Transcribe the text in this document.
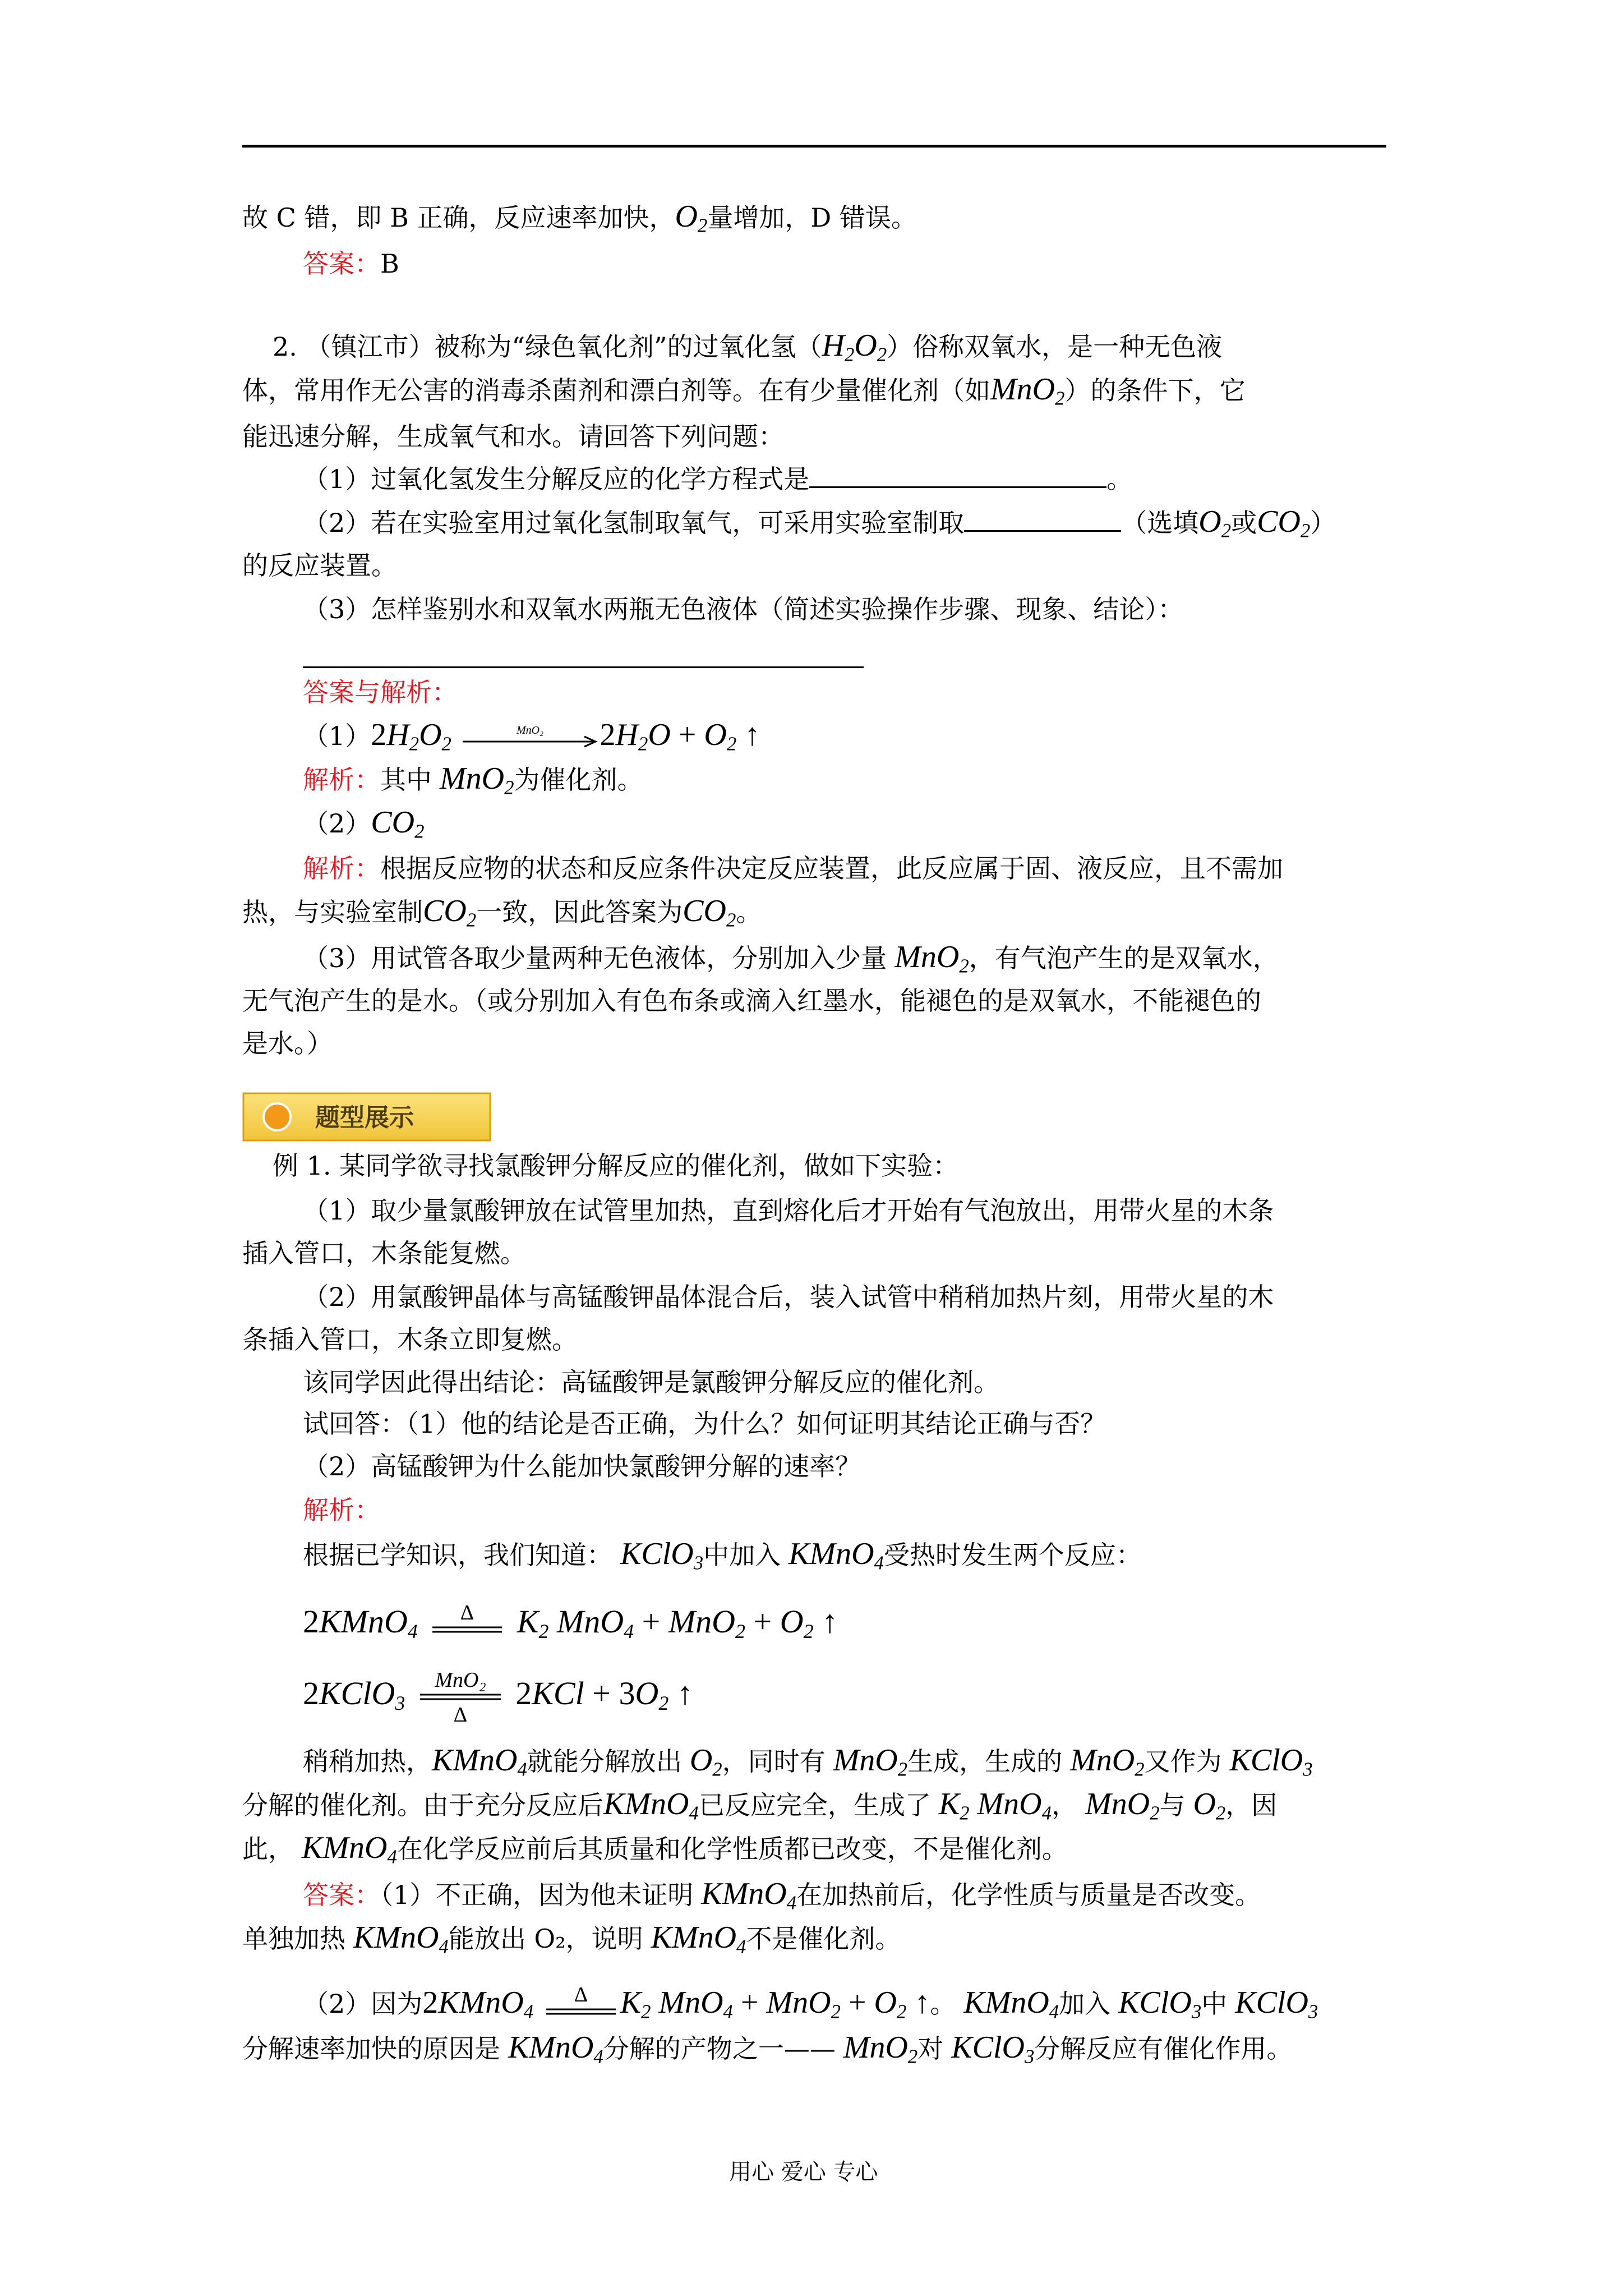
故 C 错，即 B 正确，反应速率加快，$O_2$量增加，D 错误。
答案：B
2. （镇江市）被称为“绿色氧化剂”的过氧化氢$(H_2O_2)$俗称双氧水，是一种无色液
体，常用作无公害的消毒杀菌剂和漂白剂等。在有少量催化剂（如MnO$_2$）的条件下，它
能迅速分解，生成氧气和水。请回答下列问题：
（1）过氧化氢发生分解反应的化学方程式是	。
（2）若在实验室用过氧化氢制取氧气，可采用实验室制取	（选填$O_2$或$CO_2$）
的反应装置。
（3）怎样鉴别水和双氧水两瓶无色液体（简述实验操作步骤、现象、结论）：
答案与解析：
$(1)2H_2O_2$
MnO₂ $2H_2O + O_2$ ↑
解析：其中 MnO$_2$为催化剂。
$(2)CO_2$
解析：根据反应物的状态和反应条件决定反应装置，此反应属于固、液反应，且不需加
热，与实验室制$CO_2$一致，因此答案为$CO_2$。
（3）用试管各取少量两种无色液体，分别加入少量 MnO$_2$，有气泡产生的是双氧水，
无气泡产生的是水。（或分别加入有色布条或滴入红墨水，能褪色的是双氧水，不能褪色的
是水。）
题型展示
例 1. 某同学欲寻找氯酸钾分解反应的催化剂，做如下实验：
（1）取少量氯酸钾放在试管里加热，直到熔化后才开始有气泡放出，用带火星的木条
插入管口，木条能复燃。
（2）用氯酸钾晶体与高锰酸钾晶体混合后，装入试管中稍稍加热片刻，用带火星的木
条插入管口，木条立即复燃。
该同学因此得出结论：高锰酸钾是氯酸钾分解反应的催化剂。
试回答：（1）他的结论是否正确，为什么？如何证明其结论正确与否？
（2）高锰酸钾为什么能加快氯酸钾分解的速率？
解析：
根据已学知识，我们知道： KClO$_3$中加入 KMnO$_4$受热时发生两个反应：
2KMnO$_4$
Δ $K_2$ $MnO_4 + MnO_2 + O_2$ ↑
2KClO$_3$
MnO₂
Δ
$2KCl + 3O_2$ ↑
稍稍加热，KMnO$_4$就能分解放出 $O_2$，同时有 MnO$_2$生成，生成的 MnO$_2$又作为 KClO$_3$
分解的催化剂。由于充分反应后KMnO$_4$已反应完全，生成了 $K_2$ MnO$_4$， MnO$_2$与 $O_2$，因
此， KMnO$_4$在化学反应前后其质量和化学性质都已改变，不是催化剂。
答案：（1）不正确，因为他未证明 KMnO$_4$在加热前后，化学性质与质量是否改变。
单独加热 KMnO$_4$能放出 O₂，说明 KMnO$_4$不是催化剂。
（2）因为2KMnO$_4$
Δ $K_2$ $MnO_4 + MnO_2 + O_2$ ↑。 KMnO$_4$加入 KClO$_3$中 KClO$_3$
分解速率加快的原因是 KMnO$_4$分解的产物之一—— MnO$_2$对 KClO$_3$分解反应有催化作用。
用心 爱心 专心
